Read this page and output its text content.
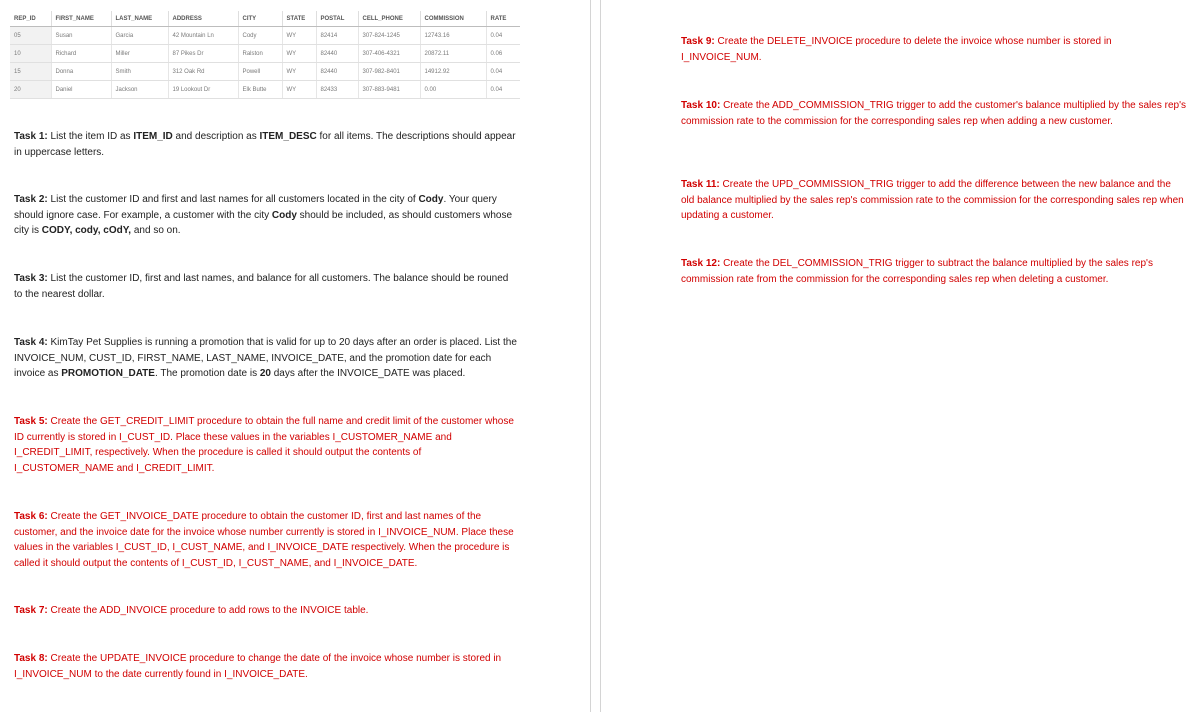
REP_ID	FIRST_NAME	LAST_NAME	ADDRESS	CITY	STATE	POSTAL	CELL_PHONE	COMMISSION	RATE
05	Susan	Garcia	42 Mountain Ln	Cody	WY	82414	307-824-1245	12743.16	0.04
10	Richard	Miller	87 Pikes Dr	Ralston	WY	82440	307-406-4321	20872.11	0.06
15	Donna	Smith	312 Oak Rd	Powell	WY	82440	307-982-8401	14912.92	0.04
20	Daniel	Jackson	19 Lookout Dr	Elk Butte	WY	82433	307-883-9481	0.00	0.04

Task 1: List the item ID as ITEM_ID and description as ITEM_DESC for all items. The descriptions should appear in uppercase letters.

Task 2: List the customer ID and first and last names for all customers located in the city of Cody. Your query should ignore case. For example, a customer with the city Cody should be included, as should customers whose city is CODY, cody, cOdY, and so on.

Task 3: List the customer ID, first and last names, and balance for all customers. The balance should be rouned to the nearest dollar.

Task 4: KimTay Pet Supplies is running a promotion that is valid for up to 20 days after an order is placed. List the INVOICE_NUM, CUST_ID, FIRST_NAME, LAST_NAME, INVOICE_DATE, and the promotion date for each invoice as PROMOTION_DATE. The promotion date is 20 days after the INVOICE_DATE was placed.

Task 5: Create the GET_CREDIT_LIMIT procedure to obtain the full name and credit limit of the customer whose ID currently is stored in I_CUST_ID. Place these values in the variables I_CUSTOMER_NAME and I_CREDIT_LIMIT, respectively. When the procedure is called it should output the contents of I_CUSTOMER_NAME and I_CREDIT_LIMIT.

Task 6: Create the GET_INVOICE_DATE procedure to obtain the customer ID, first and last names of the customer, and the invoice date for the invoice whose number currently is stored in I_INVOICE_NUM. Place these values in the variables I_CUST_ID, I_CUST_NAME, and I_INVOICE_DATE respectively. When the procedure is called it should output the contents of I_CUST_ID, I_CUST_NAME, and I_INVOICE_DATE.

Task 7: Create the ADD_INVOICE procedure to add rows to the INVOICE table.

Task 8: Create the UPDATE_INVOICE procedure to change the date of the invoice whose number is stored in I_INVOICE_NUM to the date currently found in I_INVOICE_DATE.

Task 9: Create the DELETE_INVOICE procedure to delete the invoice whose number is stored in I_INVOICE_NUM.

Task 10: Create the ADD_COMMISSION_TRIG trigger to add the customer's balance multiplied by the sales rep's commission rate to the commission for the corresponding sales rep when adding a new customer.

Task 11: Create the UPD_COMMISSION_TRIG trigger to add the difference between the new balance and the old balance multiplied by the sales rep's commission rate to the commission for the corresponding sales rep when updating a customer.

Task 12: Create the DEL_COMMISSION_TRIG trigger to subtract the balance multiplied by the sales rep's commission rate from the commission for the corresponding sales rep when deleting a customer.
